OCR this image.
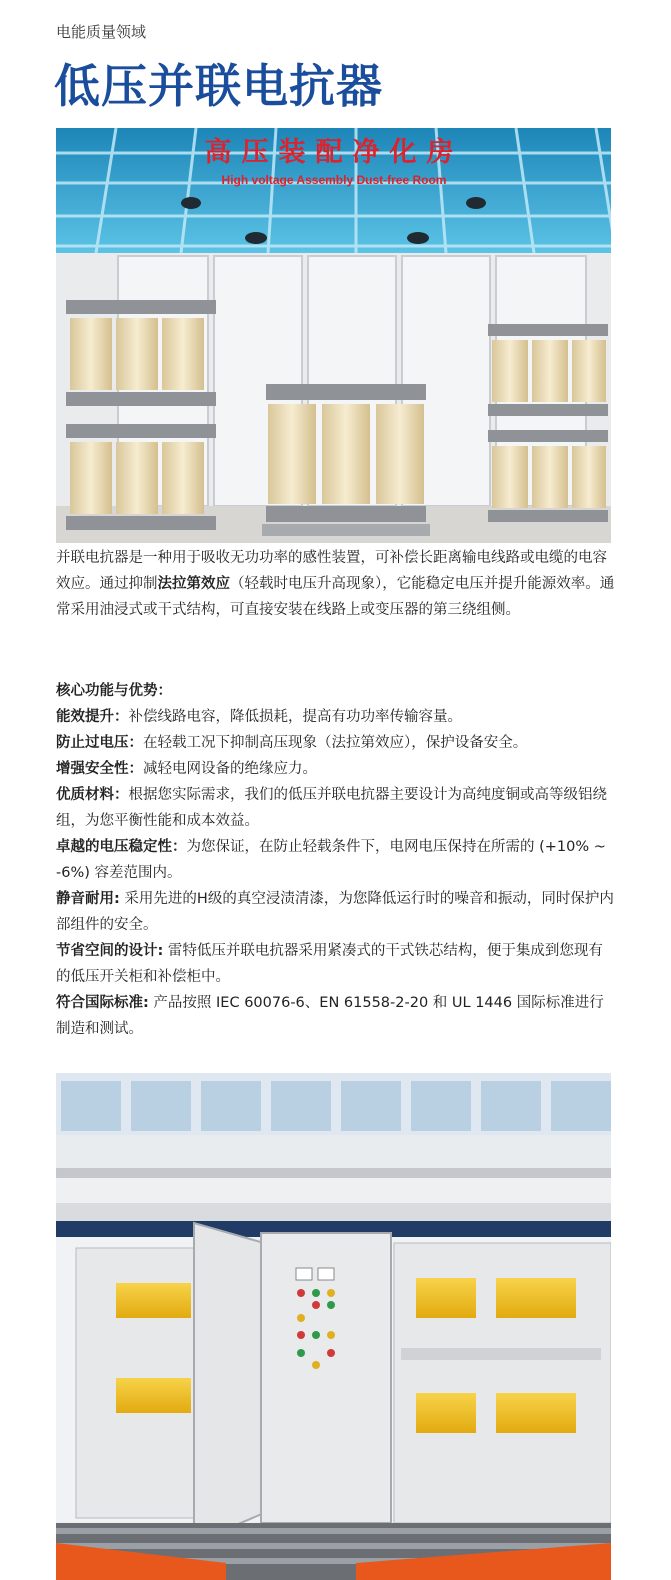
电能质量领域
低压并联电抗器
高压装配净化房
High voltage Assembly Dust-free Room

并联电抗器是一种用于吸收无功功率的感性装置，可补偿长距离输电线路或电缆的电容效应。通过抑制法拉第效应（轻载时电压升高现象），它能稳定电压并提升能源效率。通常采用油浸式或干式结构，可直接安装在线路上或变压器的第三绕组侧。

核心功能与优势：

能效提升：补偿线路电容，降低损耗，提高有功功率传输容量。

防止过电压：在轻载工况下抑制高压现象（法拉第效应），保护设备安全。

增强安全性：减轻电网设备的绝缘应力。

优质材料：根据您实际需求，我们的低压并联电抗器主要设计为高纯度铜或高等级铝绕组，为您平衡性能和成本效益。

卓越的电压稳定性：为您保证，在防止轻载条件下，电网电压保持在所需的 (+10% ~ -6%) 容差范围内。

静音耐用: 采用先进的H级的真空浸渍清漆，为您降低运行时的噪音和振动，同时保护内部组件的安全。

节省空间的设计: 雷特低压并联电抗器采用紧凑式的干式铁芯结构，便于集成到您现有的低压开关柜和补偿柜中。

符合国际标准: 产品按照 IEC 60076-6、EN 61558-2-20 和 UL 1446 国际标准进行制造和测试。
